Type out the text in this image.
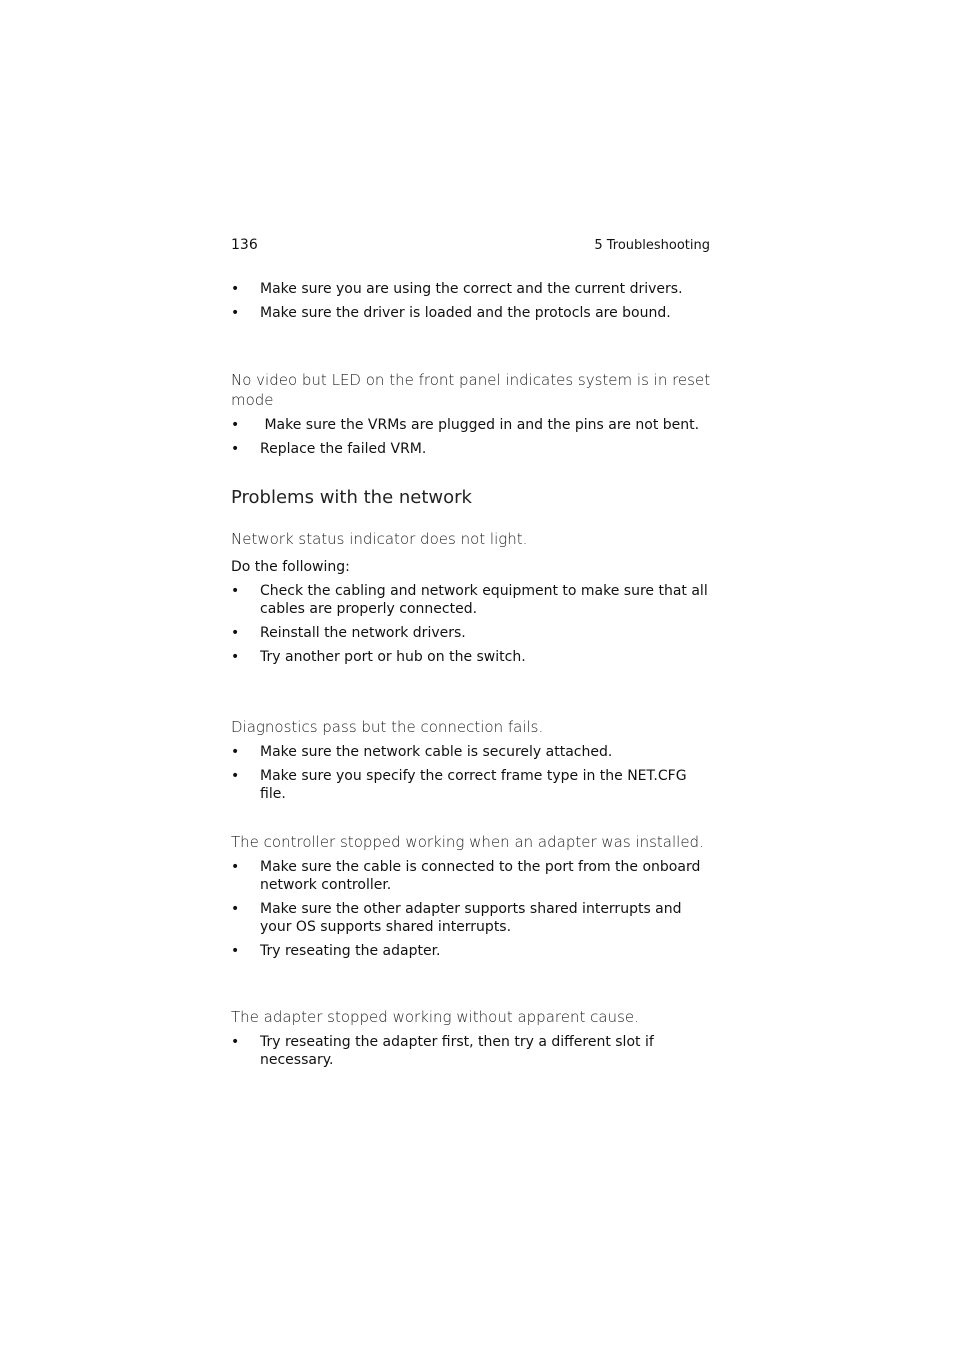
136	5 Troubleshooting
• Make sure you are using the correct and the current drivers.
• Make sure the driver is loaded and the protocls are bound.
No video but LED on the front panel indicates system is in reset mode
• Make sure the VRMs are plugged in and the pins are not bent.
• Replace the failed VRM.
Problems with the network
Network status indicator does not light.
Do the following:
• Check the cabling and network equipment to make sure that all cables are properly connected.
• Reinstall the network drivers.
• Try another port or hub on the switch.
Diagnostics pass but the connection fails.
• Make sure the network cable is securely attached.
• Make sure you specify the correct frame type in the NET.CFG file.
The controller stopped working when an adapter was installed.
• Make sure the cable is connected to the port from the onboard network controller.
• Make sure the other adapter supports shared interrupts and your OS supports shared interrupts.
• Try reseating the adapter.
The adapter stopped working without apparent cause.
• Try reseating the adapter first, then try a different slot if necessary.
